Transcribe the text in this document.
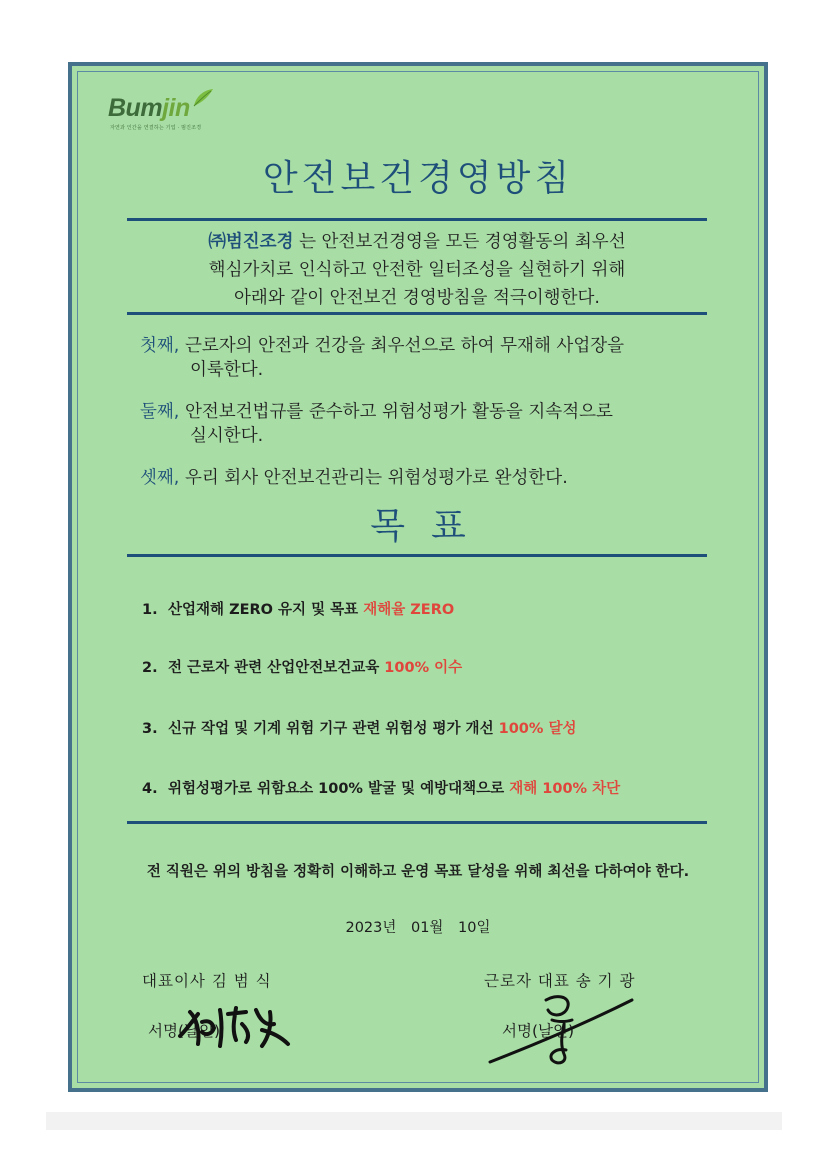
Bumjin
자연과 인간을 연결하는 기업 · 범진조경
안전보건경영방침
㈜범진조경 는 안전보건경영을 모든 경영활동의 최우선
핵심가치로 인식하고 안전한 일터조성을 실현하기 위해
아래와 같이 안전보건 경영방침을 적극이행한다.
첫째, 근로자의 안전과 건강을 최우선으로 하여 무재해 사업장을
이룩한다.
둘째, 안전보건법규를 준수하고 위험성평가 활동을 지속적으로
실시한다.
셋째, 우리 회사 안전보건관리는 위험성평가로 완성한다.
목표
1. 산업재해 ZERO 유지 및 목표 재해율 ZERO
2. 전 근로자 관련 산업안전보건교육 100% 이수
3. 신규 작업 및 기계 위험 기구 관련 위험성 평가 개선 100% 달성
4. 위험성평가로 위함요소 100% 발굴 및 예방대책으로 재해 100% 차단
전 직원은 위의 방침을 정확히 이해하고 운영 목표 달성을 위해 최선을 다하여야 한다.
2023년 01월 10일
대표이사 김 범 식	근로자 대표 송 기 광
서명(날인)	서명(날인)
